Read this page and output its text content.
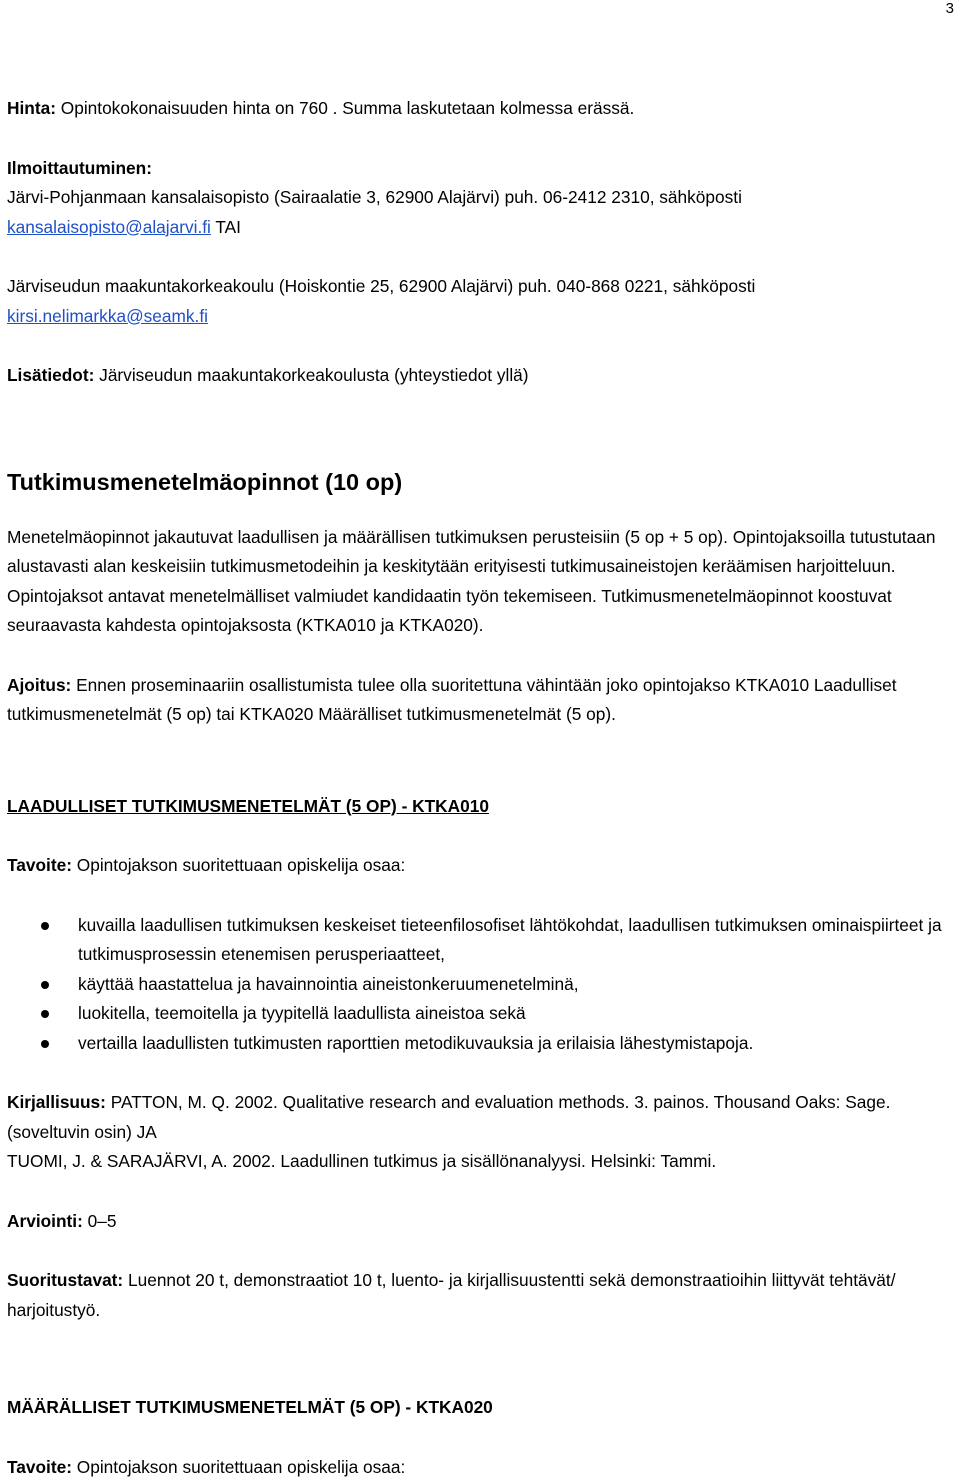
3

Hinta: Opintokokonaisuuden hinta on 760 . Summa laskutetaan kolmessa erässä.

Ilmoittautuminen:

Järvi-Pohjanmaan kansalaisopisto (Sairaalatie 3, 62900 Alajärvi) puh. 06-2412 2310, sähköposti

kansalaisopisto@alajarvi.fi TAI

Järviseudun maakuntakorkeakoulu (Hoiskontie 25, 62900 Alajärvi) puh. 040-868 0221, sähköposti

kirsi.nelimarkka@seamk.fi

Lisätiedot: Järviseudun maakuntakorkeakoulusta (yhteystiedot yllä)

Tutkimusmenetelmäopinnot (10 op)

Menetelmäopinnot jakautuvat laadullisen ja määrällisen tutkimuksen perusteisiin (5 op + 5 op). Opintojaksoilla tutustutaan alustavasti alan keskeisiin tutkimusmetodeihin ja keskitytään erityisesti tutkimusaineistojen keräämisen harjoitteluun. Opintojaksot antavat menetelmälliset valmiudet kandidaatin työn tekemiseen. Tutkimusmenetelmäopinnot koostuvat seuraavasta kahdesta opintojaksosta (KTKA010 ja KTKA020).

Ajoitus: Ennen proseminaariin osallistumista tulee olla suoritettuna vähintään joko opintojakso KTKA010 Laadulliset tutkimusmenetelmät (5 op) tai KTKA020 Määrälliset tutkimusmenetelmät (5 op).

LAADULLISET TUTKIMUSMENETELMÄT (5 OP) - KTKA010

Tavoite: Opintojakson suoritettuaan opiskelija osaa:

kuvailla laadullisen tutkimuksen keskeiset tieteenfilosofiset lähtökohdat, laadullisen tutkimuksen ominaispiirteet ja tutkimusprosessin etenemisen perusperiaatteet,
käyttää haastattelua ja havainnointia aineistonkeruumenetelminä,
luokitella, teemoitella ja tyypitellä laadullista aineistoa sekä
vertailla laadullisten tutkimusten raporttien metodikuvauksia ja erilaisia lähestymistapoja.

Kirjallisuus: PATTON, M. Q. 2002. Qualitative research and evaluation methods. 3. painos. Thousand Oaks: Sage. (soveltuvin osin) JA

TUOMI, J. & SARAJÄRVI, A. 2002. Laadullinen tutkimus ja sisällönanalyysi. Helsinki: Tammi.

Arviointi: 0–5

Suoritustavat: Luennot 20 t, demonstraatiot 10 t, luento- ja kirjallisuustentti sekä demonstraatioihin liittyvät tehtävät/ harjoitustyö.

MÄÄRÄLLISET TUTKIMUSMENETELMÄT (5 OP) - KTKA020

Tavoite: Opintojakson suoritettuaan opiskelija osaa:
